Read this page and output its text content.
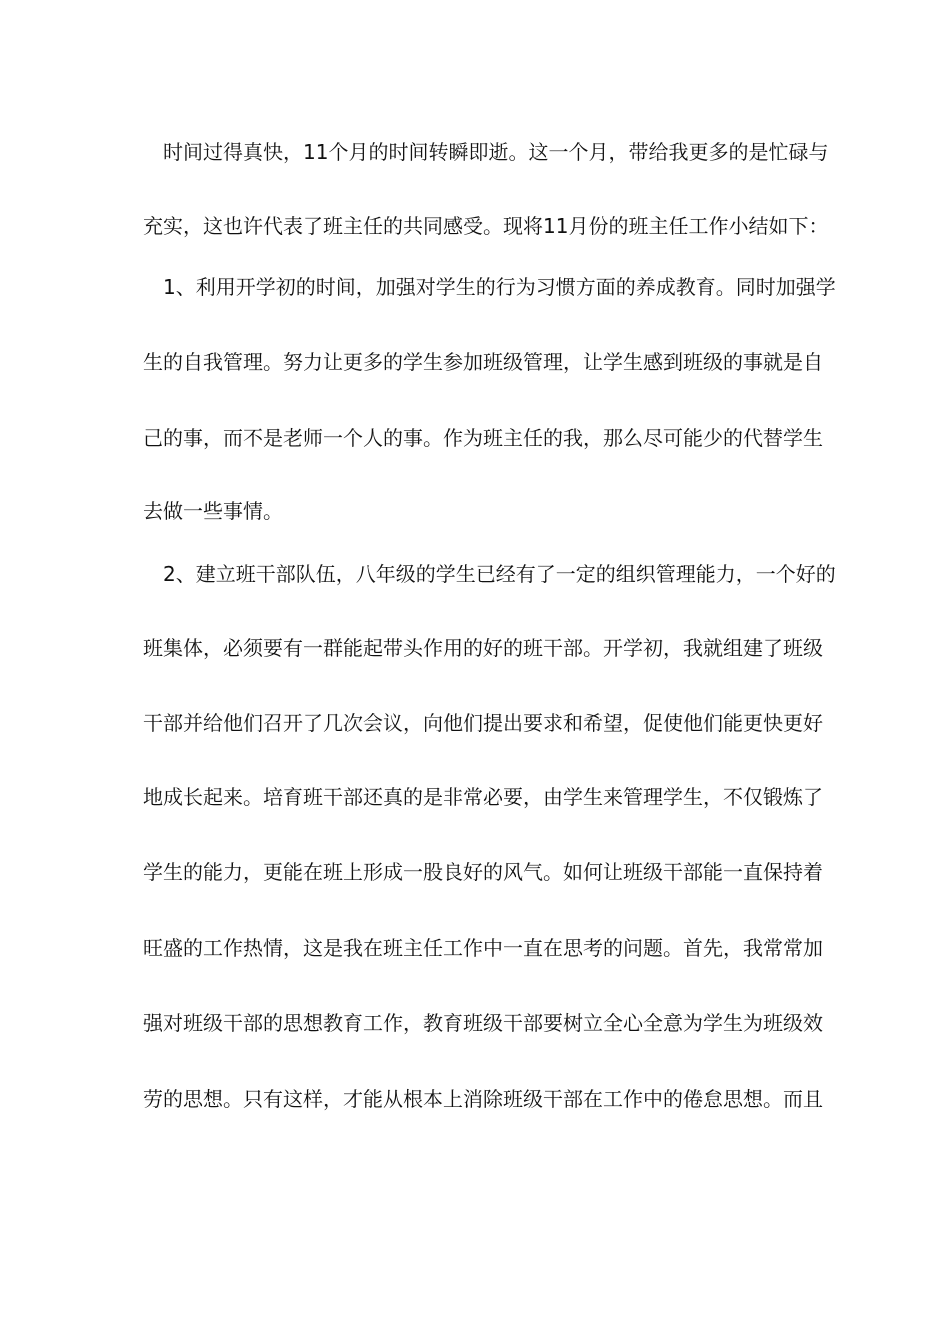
时间过得真快，11个月的时间转瞬即逝。这一个月，带给我更多的是忙碌与
充实，这也许代表了班主任的共同感受。现将11月份的班主任工作小结如下：
1、利用开学初的时间，加强对学生的行为习惯方面的养成教育。同时加强学
生的自我管理。努力让更多的学生参加班级管理，让学生感到班级的事就是自
己的事，而不是老师一个人的事。作为班主任的我，那么尽可能少的代替学生
去做一些事情。
2、建立班干部队伍，八年级的学生已经有了一定的组织管理能力，一个好的
班集体，必须要有一群能起带头作用的好的班干部。开学初，我就组建了班级
干部并给他们召开了几次会议，向他们提出要求和希望，促使他们能更快更好
地成长起来。培育班干部还真的是非常必要，由学生来管理学生，不仅锻炼了
学生的能力，更能在班上形成一股良好的风气。如何让班级干部能一直保持着
旺盛的工作热情，这是我在班主任工作中一直在思考的问题。首先，我常常加
强对班级干部的思想教育工作，教育班级干部要树立全心全意为学生为班级效
劳的思想。只有这样，才能从根本上消除班级干部在工作中的倦怠思想。而且
